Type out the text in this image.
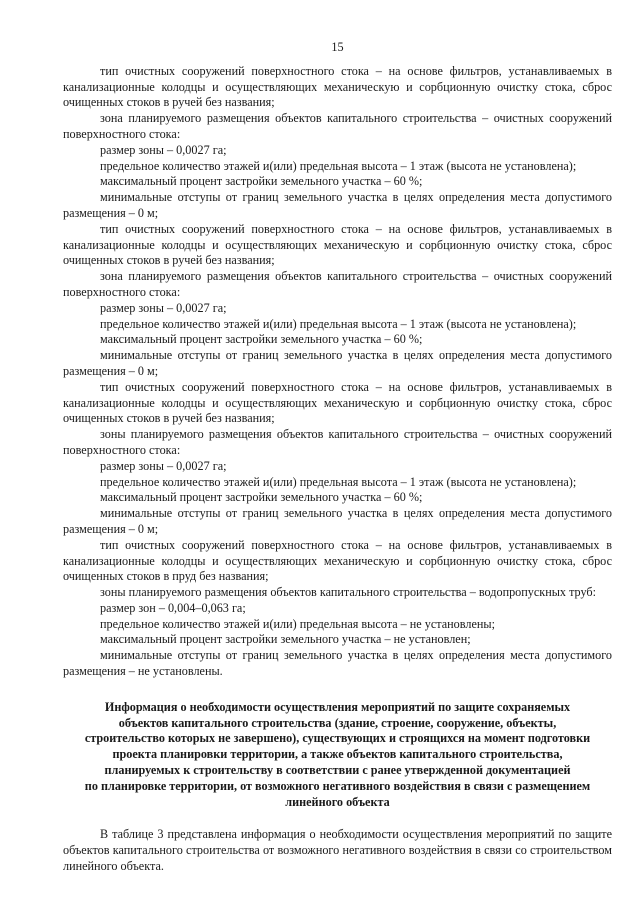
15

тип очистных сооружений поверхностного стока – на основе фильтров, устанавливаемых в канализационные колодцы и осуществляющих механическую и сорбционную очистку стока, сброс очищенных стоков в ручей без названия;

зона планируемого размещения объектов капитального строительства – очистных сооружений поверхностного стока:

размер зоны – 0,0027 га;

предельное количество этажей и(или) предельная высота – 1 этаж (высота не установлена);

максимальный процент застройки земельного участка – 60 %;

минимальные отступы от границ земельного участка в целях определения места допустимого размещения – 0 м;

тип очистных сооружений поверхностного стока – на основе фильтров, устанавливаемых в канализационные колодцы и осуществляющих механическую и сорбционную очистку стока, сброс очищенных стоков в ручей без названия;

зона планируемого размещения объектов капитального строительства – очистных сооружений поверхностного стока:

размер зоны – 0,0027 га;

предельное количество этажей и(или) предельная высота – 1 этаж (высота не установлена);

максимальный процент застройки земельного участка – 60 %;

минимальные отступы от границ земельного участка в целях определения места допустимого размещения – 0 м;

тип очистных сооружений поверхностного стока – на основе фильтров, устанавливаемых в канализационные колодцы и осуществляющих механическую и сорбционную очистку стока, сброс очищенных стоков в ручей без названия;

зоны планируемого размещения объектов капитального строительства – очистных сооружений поверхностного стока:

размер зоны – 0,0027 га;

предельное количество этажей и(или) предельная высота – 1 этаж (высота не установлена);

максимальный процент застройки земельного участка – 60 %;

минимальные отступы от границ земельного участка в целях определения места допустимого размещения – 0 м;

тип очистных сооружений поверхностного стока – на основе фильтров, устанавливаемых в канализационные колодцы и осуществляющих механическую и сорбционную очистку стока, сброс очищенных стоков в пруд без названия;

зоны планируемого размещения объектов капитального строительства – водопропускных труб:

размер зон – 0,004–0,063 га;

предельное количество этажей и(или) предельная высота – не установлены;

максимальный процент застройки земельного участка – не установлен;

минимальные отступы от границ земельного участка в целях определения места допустимого размещения – не установлены.

Информация о необходимости осуществления мероприятий по защите сохраняемых
объектов капитального строительства (здание, строение, сооружение, объекты,
строительство которых не завершено), существующих и строящихся на момент подготовки
проекта планировки территории, а также объектов капитального строительства,
планируемых к строительству в соответствии с ранее утвержденной документацией
по планировке территории, от возможного негативного воздействия в связи с размещением
линейного объекта

В таблице 3 представлена информация о необходимости осуществления мероприятий по защите объектов капитального строительства от возможного негативного воздействия в связи со строительством линейного объекта.
